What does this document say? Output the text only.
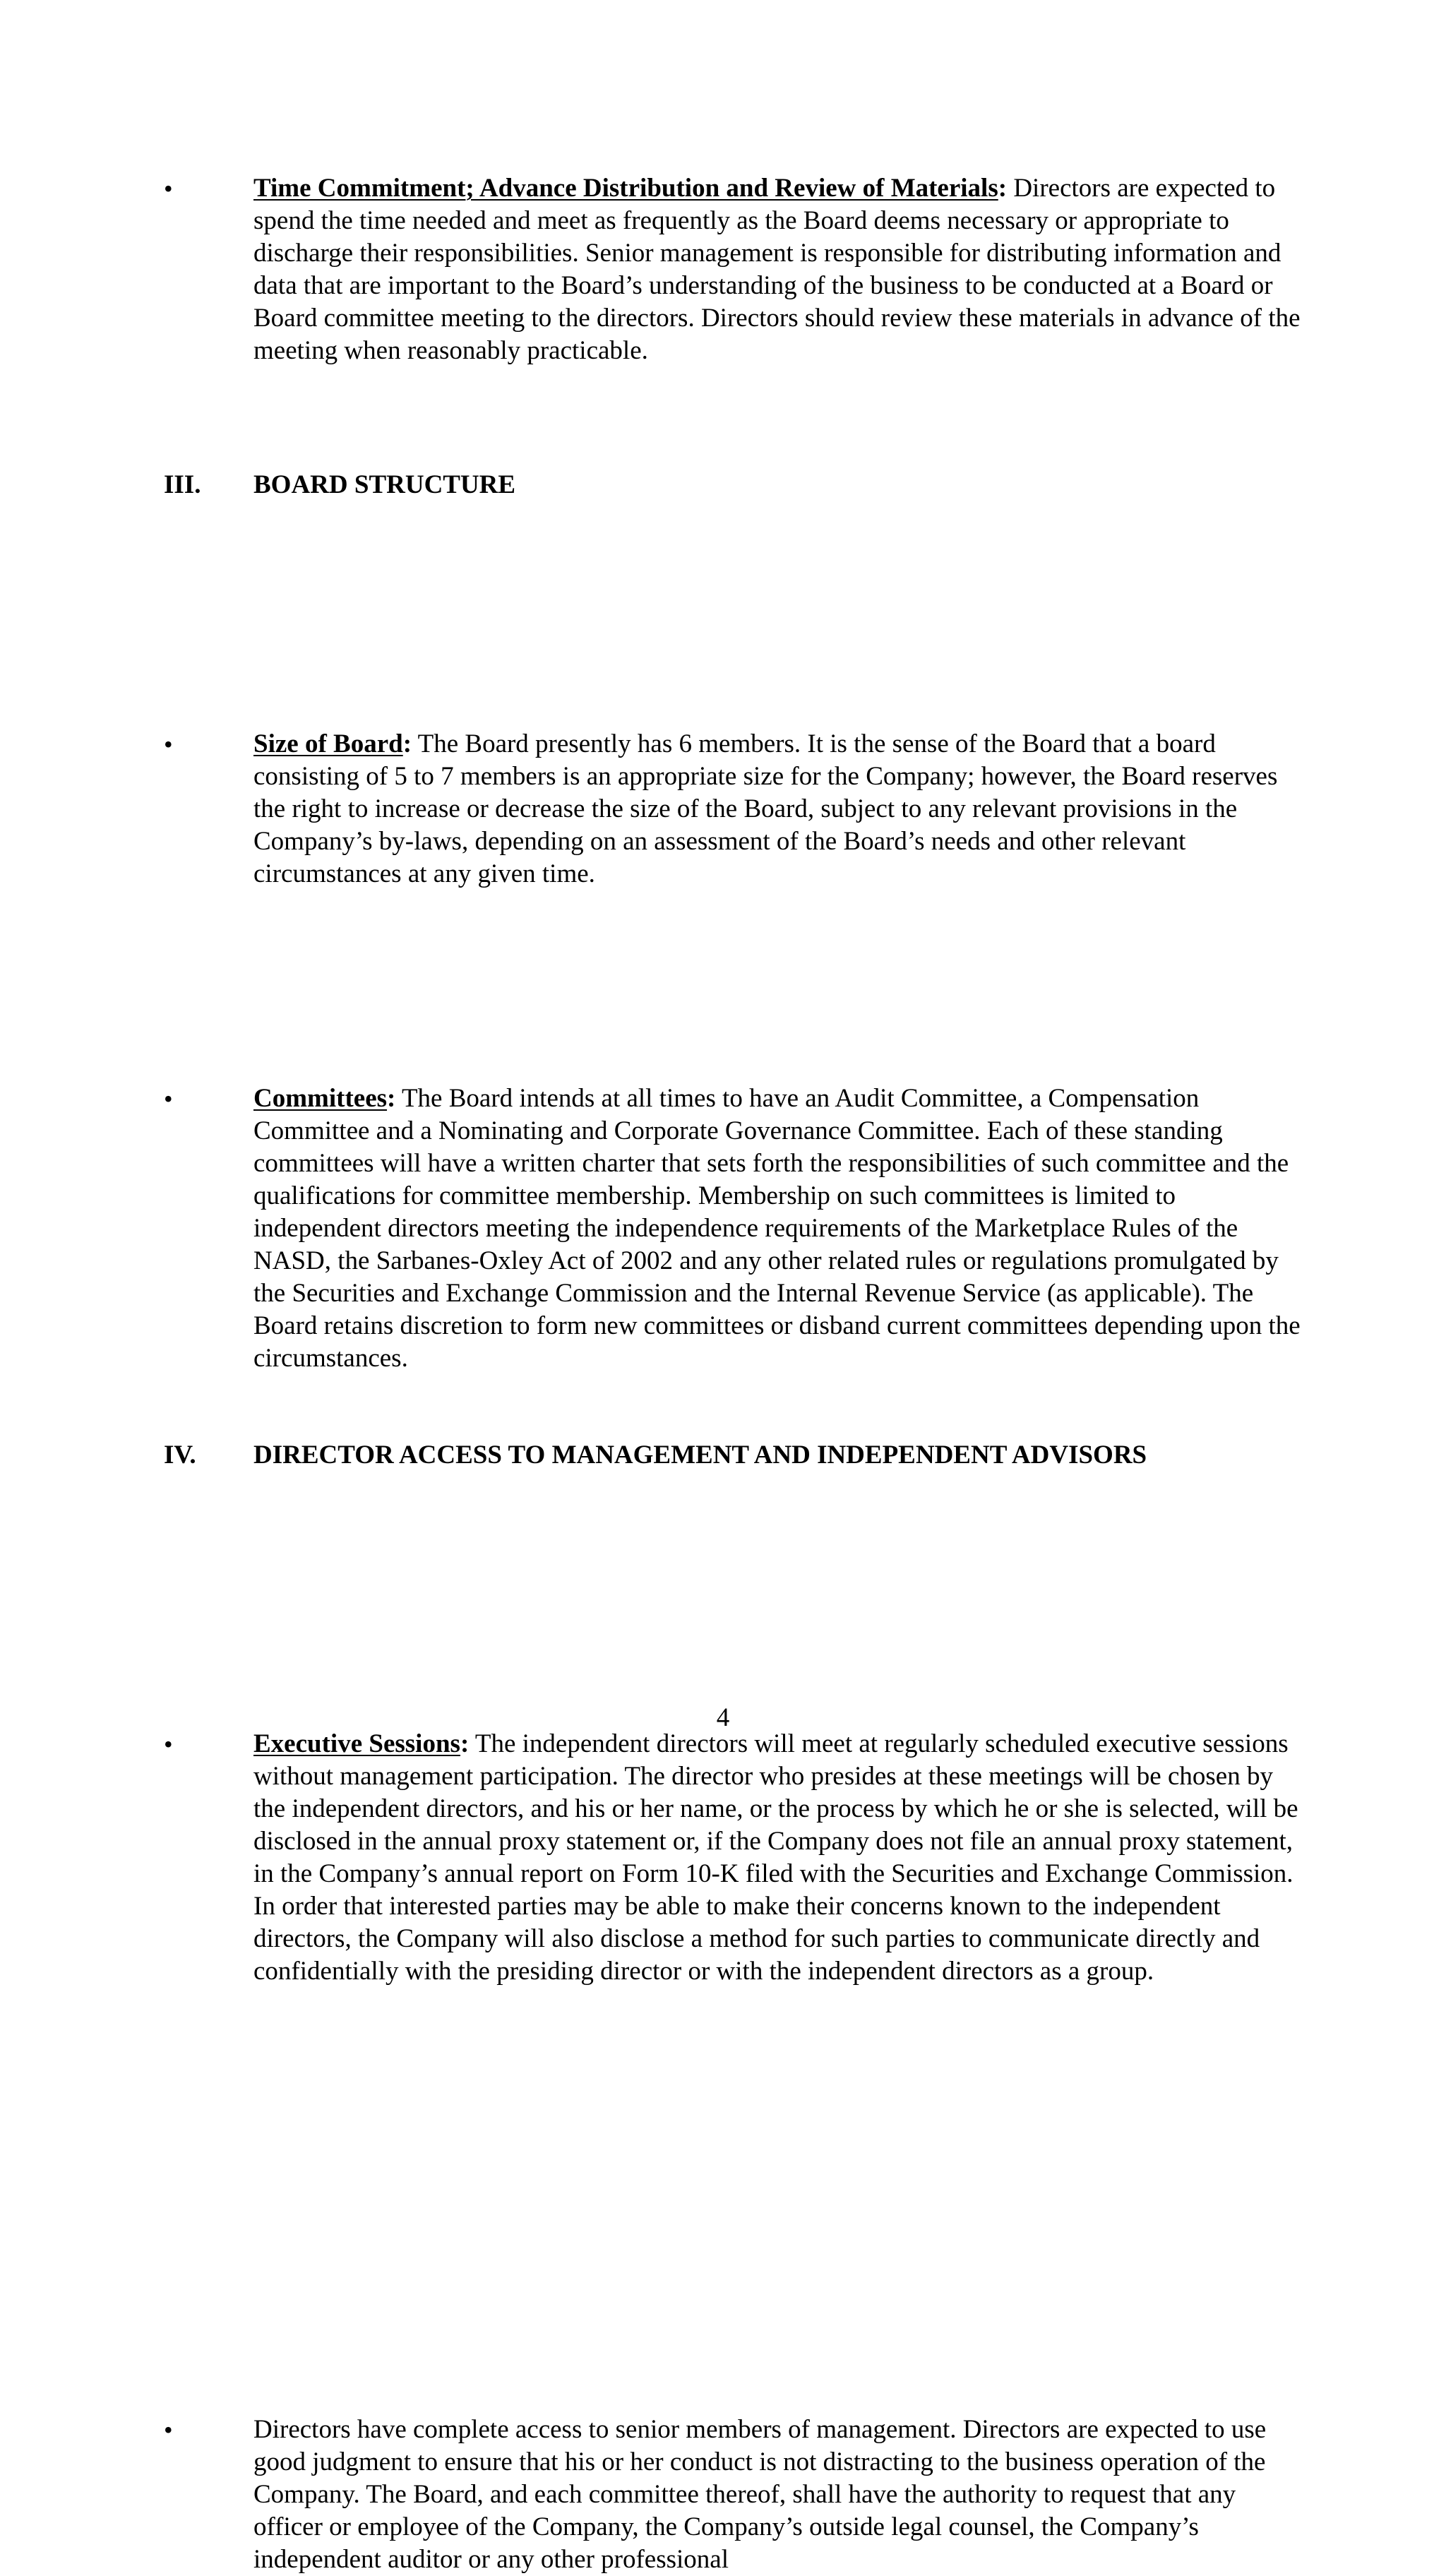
•	Time Commitment; Advance Distribution and Review of Materials: Directors are expected to spend the time needed and meet as frequently as the Board deems necessary or appropriate to discharge their responsibilities. Senior management is responsible for distributing information and data that are important to the Board’s understanding of the business to be conducted at a Board or Board committee meeting to the directors. Directors should review these materials in advance of the meeting when reasonably practicable.
III. BOARD STRUCTURE
•	Size of Board: The Board presently has 6 members. It is the sense of the Board that a board consisting of 5 to 7 members is an appropriate size for the Company; however, the Board reserves the right to increase or decrease the size of the Board, subject to any relevant provisions in the Company’s by-laws, depending on an assessment of the Board’s needs and other relevant circumstances at any given time.
•	Committees: The Board intends at all times to have an Audit Committee, a Compensation Committee and a Nominating and Corporate Governance Committee. Each of these standing committees will have a written charter that sets forth the responsibilities of such committee and the qualifications for committee membership. Membership on such committees is limited to independent directors meeting the independence requirements of the Marketplace Rules of the NASD, the Sarbanes-Oxley Act of 2002 and any other related rules or regulations promulgated by the Securities and Exchange Commission and the Internal Revenue Service (as applicable). The Board retains discretion to form new committees or disband current committees depending upon the circumstances.
•	Executive Sessions: The independent directors will meet at regularly scheduled executive sessions without management participation. The director who presides at these meetings will be chosen by the independent directors, and his or her name, or the process by which he or she is selected, will be disclosed in the annual proxy statement or, if the Company does not file an annual proxy statement, in the Company’s annual report on Form 10-K filed with the Securities and Exchange Commission. In order that interested parties may be able to make their concerns known to the independent directors, the Company will also disclose a method for such parties to communicate directly and confidentially with the presiding director or with the independent directors as a group.
IV. DIRECTOR ACCESS TO MANAGEMENT AND INDEPENDENT ADVISORS
•	Directors have complete access to senior members of management. Directors are expected to use good judgment to ensure that his or her conduct is not distracting to the business operation of the Company. The Board, and each committee thereof, shall have the authority to request that any officer or employee of the Company, the Company’s outside legal counsel, the Company’s independent auditor or any other professional
4
